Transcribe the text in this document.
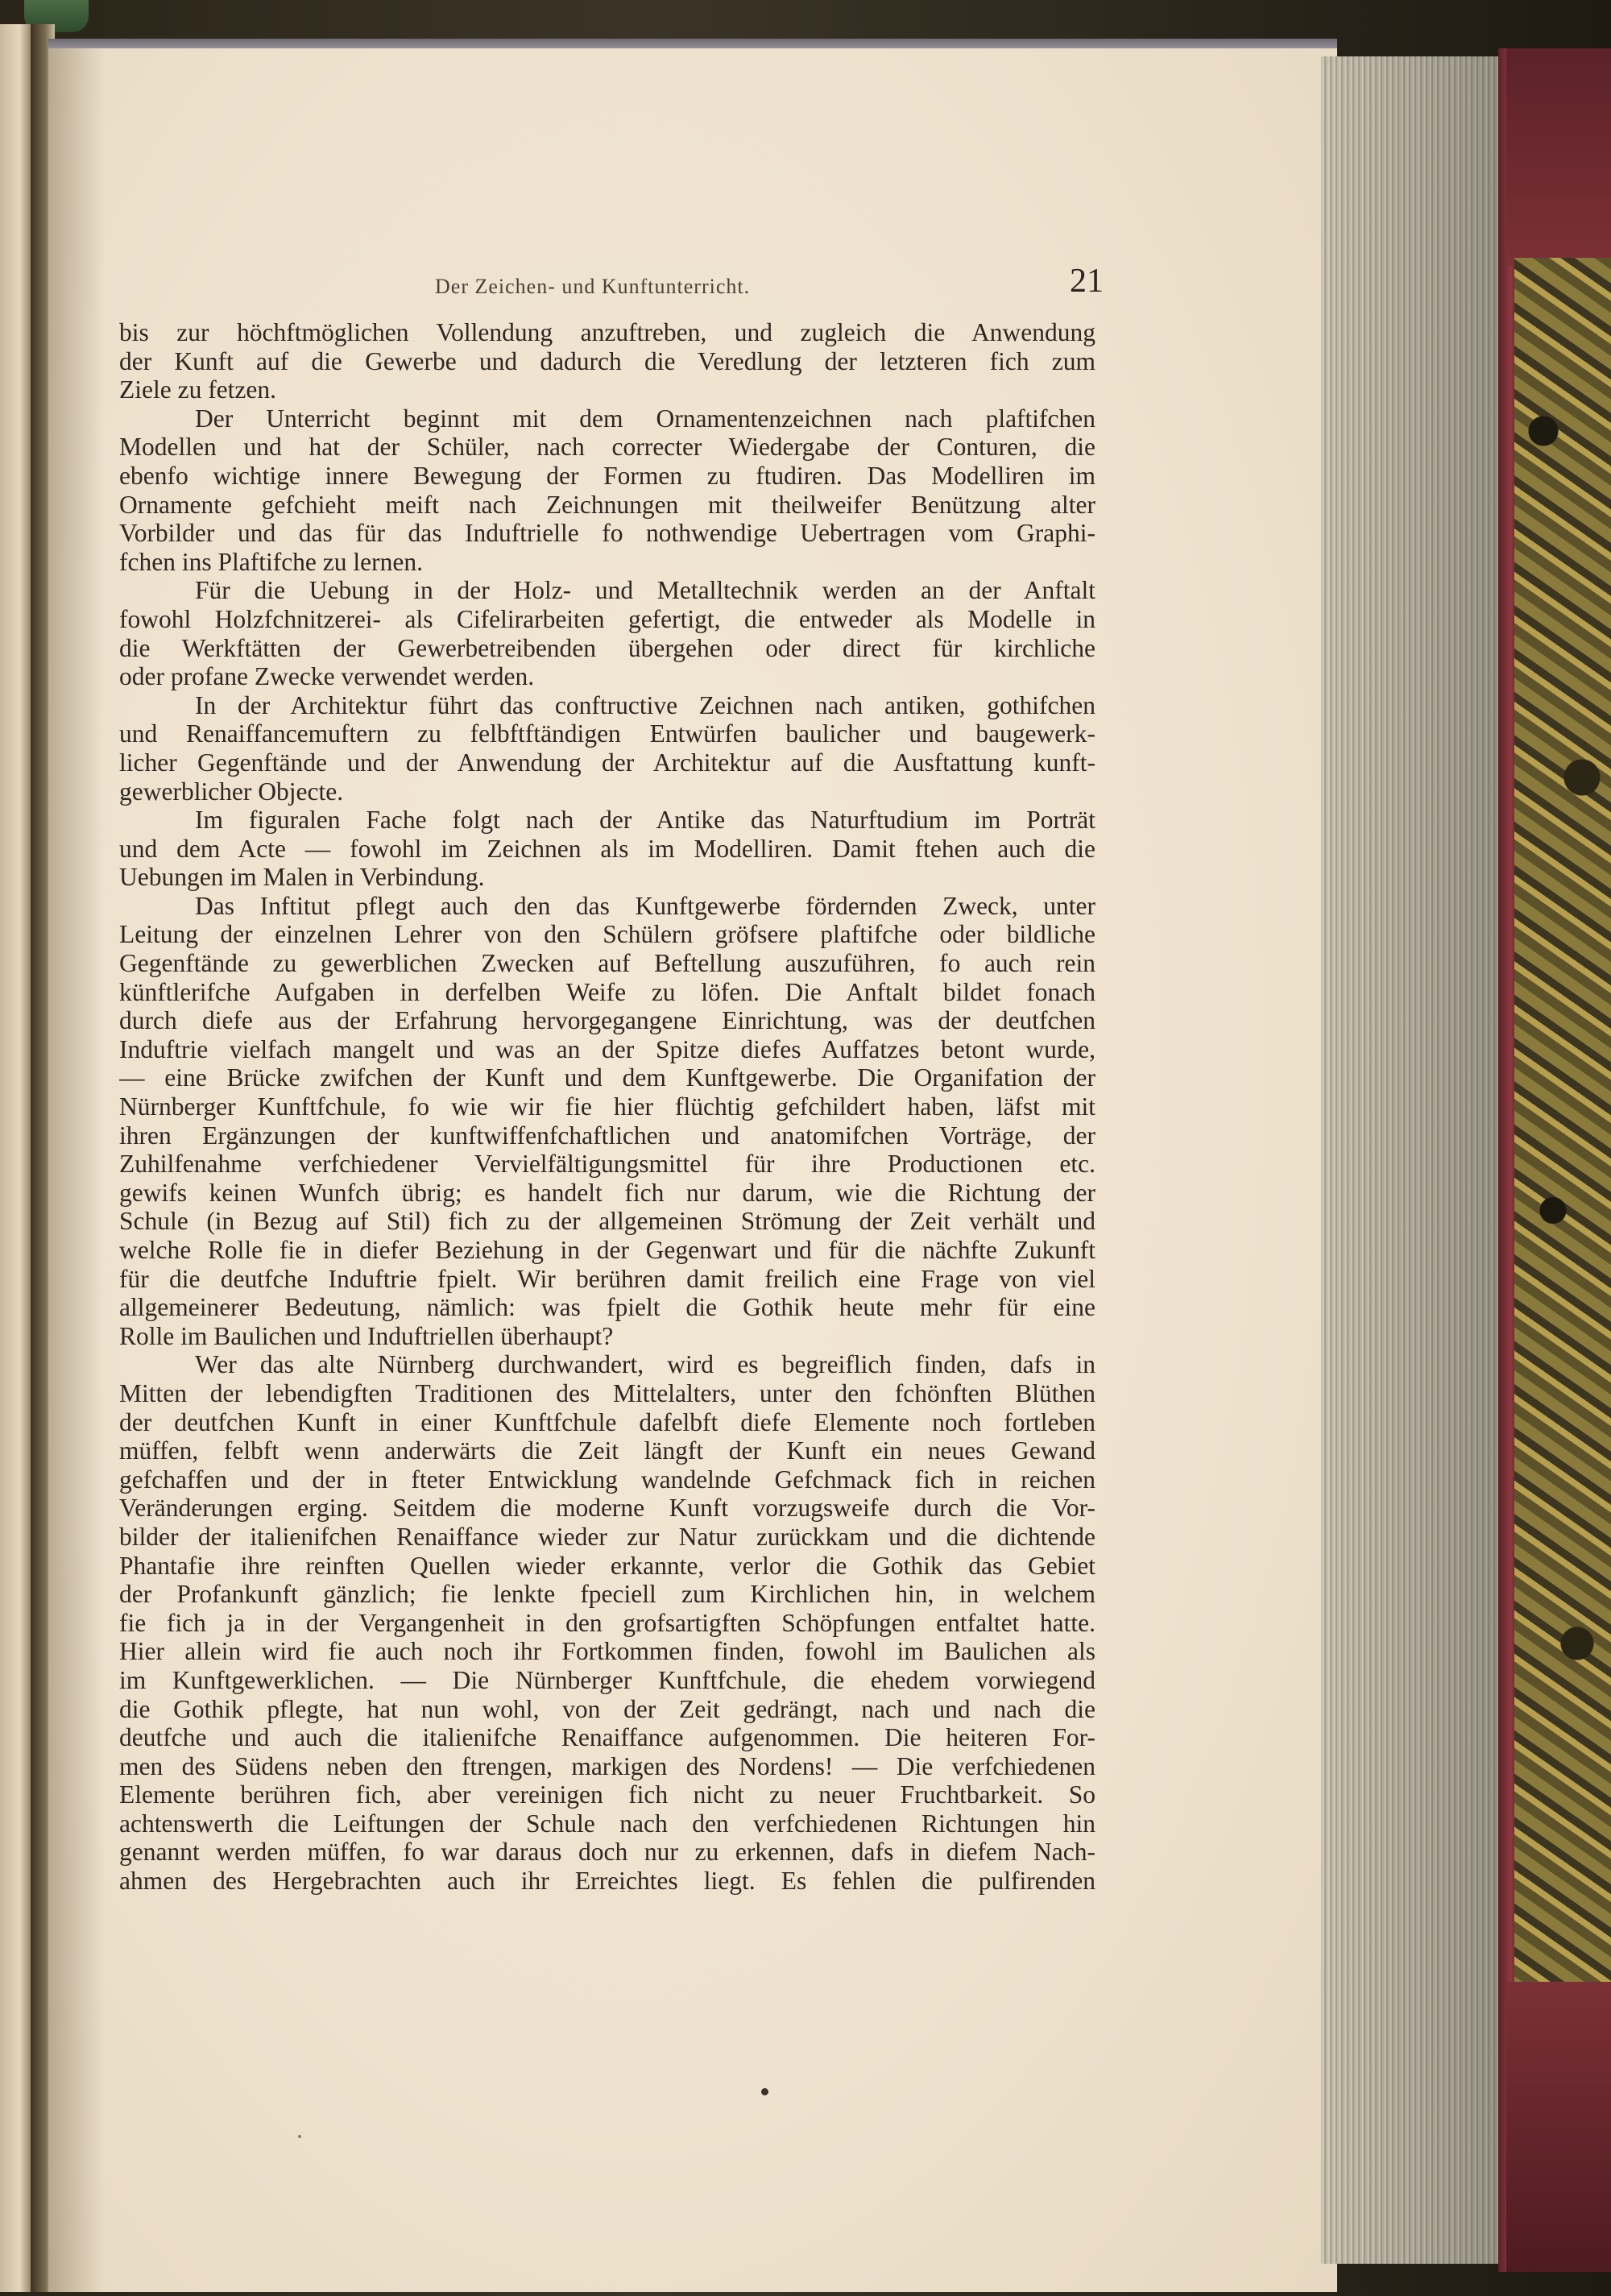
Der Zeichen- und Kunftunterricht.	21
bis zur höchftmöglichen Vollendung anzuftreben, und zugleich die Anwendung
der Kunft auf die Gewerbe und dadurch die Veredlung der letzteren fich zum
Ziele zu fetzen.
Der Unterricht beginnt mit dem Ornamentenzeichnen nach plaftifchen
Modellen und hat der Schüler, nach correcter Wiedergabe der Conturen, die
ebenfo wichtige innere Bewegung der Formen zu ftudiren. Das Modelliren im
Ornamente gefchieht meift nach Zeichnungen mit theilweifer Benützung alter
Vorbilder und das für das Induftrielle fo nothwendige Uebertragen vom Graphi-
fchen ins Plaftifche zu lernen.
Für die Uebung in der Holz- und Metalltechnik werden an der Anftalt
fowohl Holzfchnitzerei- als Cifelirarbeiten gefertigt, die entweder als Modelle in
die Werkftätten der Gewerbetreibenden übergehen oder direct für kirchliche
oder profane Zwecke verwendet werden.
In der Architektur führt das conftructive Zeichnen nach antiken, gothifchen
und Renaiffancemuftern zu felbftftändigen Entwürfen baulicher und baugewerk-
licher Gegenftände und der Anwendung der Architektur auf die Ausftattung kunft-
gewerblicher Objecte.
Im figuralen Fache folgt nach der Antike das Naturftudium im Porträt
und dem Acte — fowohl im Zeichnen als im Modelliren. Damit ftehen auch die
Uebungen im Malen in Verbindung.
Das Inftitut pflegt auch den das Kunftgewerbe fördernden Zweck, unter
Leitung der einzelnen Lehrer von den Schülern gröfsere plaftifche oder bildliche
Gegenftände zu gewerblichen Zwecken auf Beftellung auszuführen, fo auch rein
künftlerifche Aufgaben in derfelben Weife zu löfen. Die Anftalt bildet fonach
durch diefe aus der Erfahrung hervorgegangene Einrichtung, was der deutfchen
Induftrie vielfach mangelt und was an der Spitze diefes Auffatzes betont wurde,
— eine Brücke zwifchen der Kunft und dem Kunftgewerbe. Die Organifation der
Nürnberger Kunftfchule, fo wie wir fie hier flüchtig gefchildert haben, läfst mit
ihren Ergänzungen der kunftwiffenfchaftlichen und anatomifchen Vorträge, der
Zuhilfenahme verfchiedener Vervielfältigungsmittel für ihre Productionen etc.
gewifs keinen Wunfch übrig; es handelt fich nur darum, wie die Richtung der
Schule (in Bezug auf Stil) fich zu der allgemeinen Strömung der Zeit verhält und
welche Rolle fie in diefer Beziehung in der Gegenwart und für die nächfte Zukunft
für die deutfche Induftrie fpielt. Wir berühren damit freilich eine Frage von viel
allgemeinerer Bedeutung, nämlich: was fpielt die Gothik heute mehr für eine
Rolle im Baulichen und Induftriellen überhaupt?
Wer das alte Nürnberg durchwandert, wird es begreiflich finden, dafs in
Mitten der lebendigften Traditionen des Mittelalters, unter den fchönften Blüthen
der deutfchen Kunft in einer Kunftfchule dafelbft diefe Elemente noch fortleben
müffen, felbft wenn anderwärts die Zeit längft der Kunft ein neues Gewand
gefchaffen und der in fteter Entwicklung wandelnde Gefchmack fich in reichen
Veränderungen erging. Seitdem die moderne Kunft vorzugsweife durch die Vor-
bilder der italienifchen Renaiffance wieder zur Natur zurückkam und die dichtende
Phantafie ihre reinften Quellen wieder erkannte, verlor die Gothik das Gebiet
der Profankunft gänzlich; fie lenkte fpeciell zum Kirchlichen hin, in welchem
fie fich ja in der Vergangenheit in den grofsartigften Schöpfungen entfaltet hatte.
Hier allein wird fie auch noch ihr Fortkommen finden, fowohl im Baulichen als
im Kunftgewerklichen. — Die Nürnberger Kunftfchule, die ehedem vorwiegend
die Gothik pflegte, hat nun wohl, von der Zeit gedrängt, nach und nach die
deutfche und auch die italienifche Renaiffance aufgenommen. Die heiteren For-
men des Südens neben den ftrengen, markigen des Nordens! — Die verfchiedenen
Elemente berühren fich, aber vereinigen fich nicht zu neuer Fruchtbarkeit. So
achtenswerth die Leiftungen der Schule nach den verfchiedenen Richtungen hin
genannt werden müffen, fo war daraus doch nur zu erkennen, dafs in diefem Nach-
ahmen des Hergebrachten auch ihr Erreichtes liegt. Es fehlen die pulfirenden
